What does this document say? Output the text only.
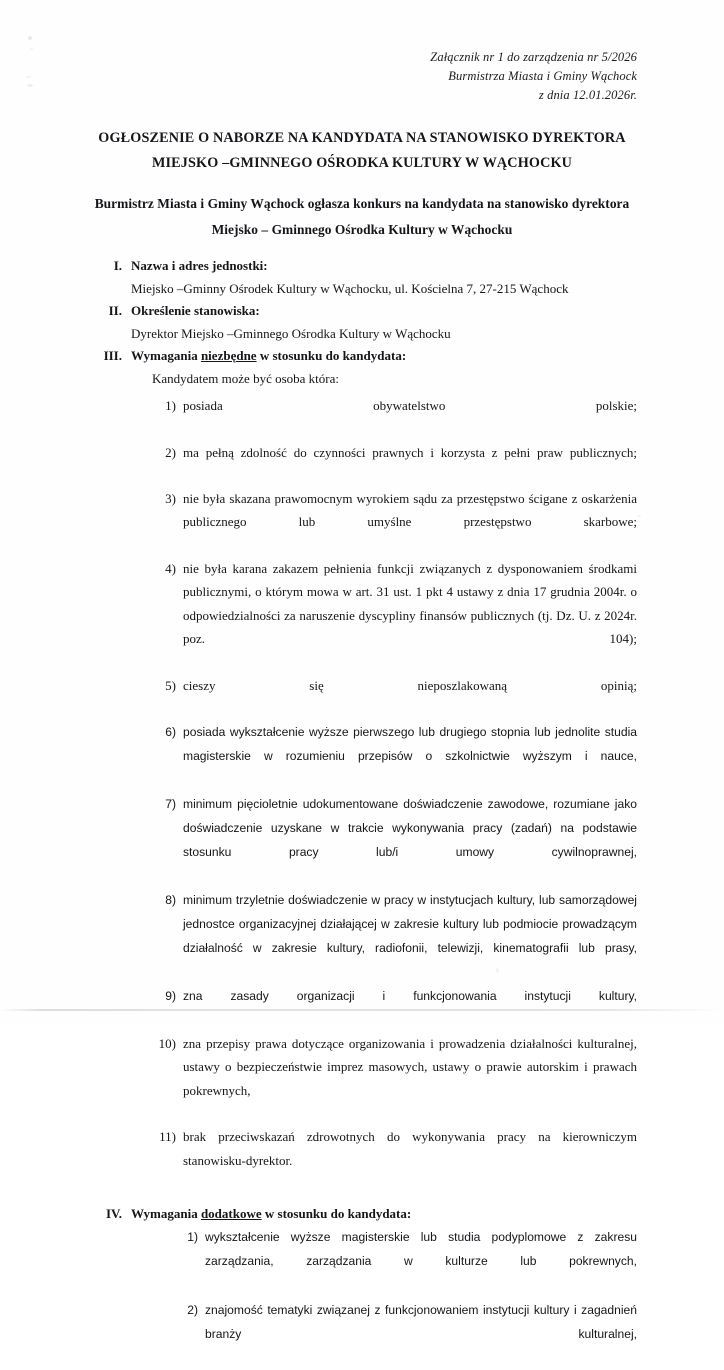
Załącznik nr 1 do zarządzenia nr 5/2026
Burmistrza Miasta i Gminy Wąchock
z dnia 12.01.2026r.
OGŁOSZENIE O NABORZE NA KANDYDATA NA STANOWISKO DYREKTORA
MIEJSKO –GMINNEGO OŚRODKA KULTURY W WĄCHOCKU
Burmistrz Miasta i Gminy Wąchock ogłasza konkurs na kandydata na stanowisko dyrektora
Miejsko – Gminnego Ośrodka Kultury w Wąchocku
I. Nazwa i adres jednostki:
Miejsko –Gminny Ośrodek Kultury w Wąchocku, ul. Kościelna 7, 27-215 Wąchock
II. Określenie stanowiska:
Dyrektor Miejsko –Gminnego Ośrodka Kultury w Wąchocku
III. Wymagania niezbędne w stosunku do kandydata:
Kandydatem może być osoba która:
1) posiada obywatelstwo polskie;
2) ma pełną zdolność do czynności prawnych i korzysta z pełni praw publicznych;
3) nie była skazana prawomocnym wyrokiem sądu za przestępstwo ścigane z oskarżenia publicznego lub umyślne przestępstwo skarbowe;
4) nie była karana zakazem pełnienia funkcji związanych z dysponowaniem środkami publicznymi, o którym mowa w art. 31 ust. 1 pkt 4 ustawy z dnia 17 grudnia 2004r. o odpowiedzialności za naruszenie dyscypliny finansów publicznych (tj. Dz. U. z 2024r. poz. 104);
5) cieszy się nieposzlakowaną opinią;
6) posiada wykształcenie wyższe pierwszego lub drugiego stopnia lub jednolite studia magisterskie w rozumieniu przepisów o szkolnictwie wyższym i nauce,
7) minimum pięcioletnie udokumentowane doświadczenie zawodowe, rozumiane jako doświadczenie uzyskane w trakcie wykonywania pracy (zadań) na podstawie stosunku pracy lub/i umowy cywilnoprawnej,
8) minimum trzyletnie doświadczenie w pracy w instytucjach kultury, lub samorządowej jednostce organizacyjnej działającej w zakresie kultury lub podmiocie prowadzącym działalność w zakresie kultury, radiofonii, telewizji, kinematografii lub prasy,
9) zna zasady organizacji i funkcjonowania instytucji kultury,
10) zna przepisy prawa dotyczące organizowania i prowadzenia działalności kulturalnej, ustawy o bezpieczeństwie imprez masowych, ustawy o prawie autorskim i prawach pokrewnych,
11) brak przeciwskazań zdrowotnych do wykonywania pracy na kierowniczym stanowisku-dyrektor.
IV. Wymagania dodatkowe w stosunku do kandydata:
1) wykształcenie wyższe magisterskie lub studia podyplomowe z zakresu zarządzania, zarządzania w kulturze lub pokrewnych,
2) znajomość tematyki związanej z funkcjonowaniem instytucji kultury i zagadnień branży kulturalnej,
